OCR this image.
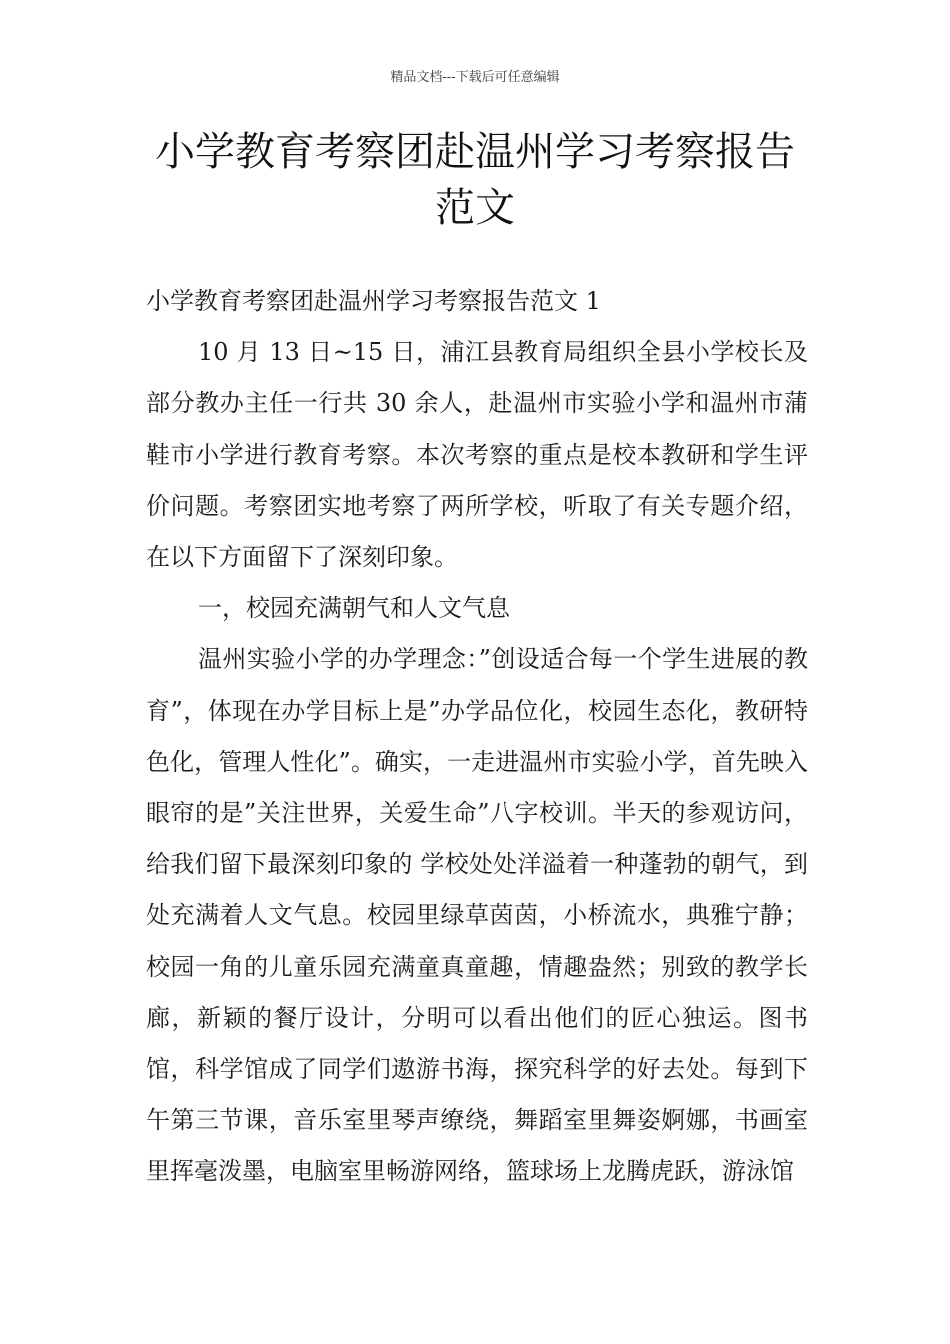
精品文档---下载后可任意编辑
小学教育考察团赴温州学习考察报告范文

小学教育考察团赴温州学习考察报告范文 1

10 月 13 日~15 日，浦江县教育局组织全县小学校长及部分教办主任一行共 30 余人，赴温州市实验小学和温州市蒲鞋市小学进行教育考察。本次考察的重点是校本教研和学生评价问题。考察团实地考察了两所学校，听取了有关专题介绍，在以下方面留下了深刻印象。

一，校园充满朝气和人文气息

温州实验小学的办学理念：”创设适合每一个学生进展的教育”，体现在办学目标上是”办学品位化，校园生态化，教研特色化，管理人性化”。确实，一走进温州市实验小学，首先映入眼帘的是”关注世界，关爱生命”八字校训。半天的参观访问，给我们留下最深刻印象的 学校处处洋溢着一种蓬勃的朝气，到处充满着人文气息。校园里绿草茵茵，小桥流水，典雅宁静；校园一角的儿童乐园充满童真童趣，情趣盎然；别致的教学长廊，新颖的餐厅设计，分明可以看出他们的匠心独运。图书馆，科学馆成了同学们遨游书海，探究科学的好去处。每到下午第三节课，音乐室里琴声缭绕，舞蹈室里舞姿婀娜，书画室里挥毫泼墨，电脑室里畅游网络，篮球场上龙腾虎跃，游泳馆
